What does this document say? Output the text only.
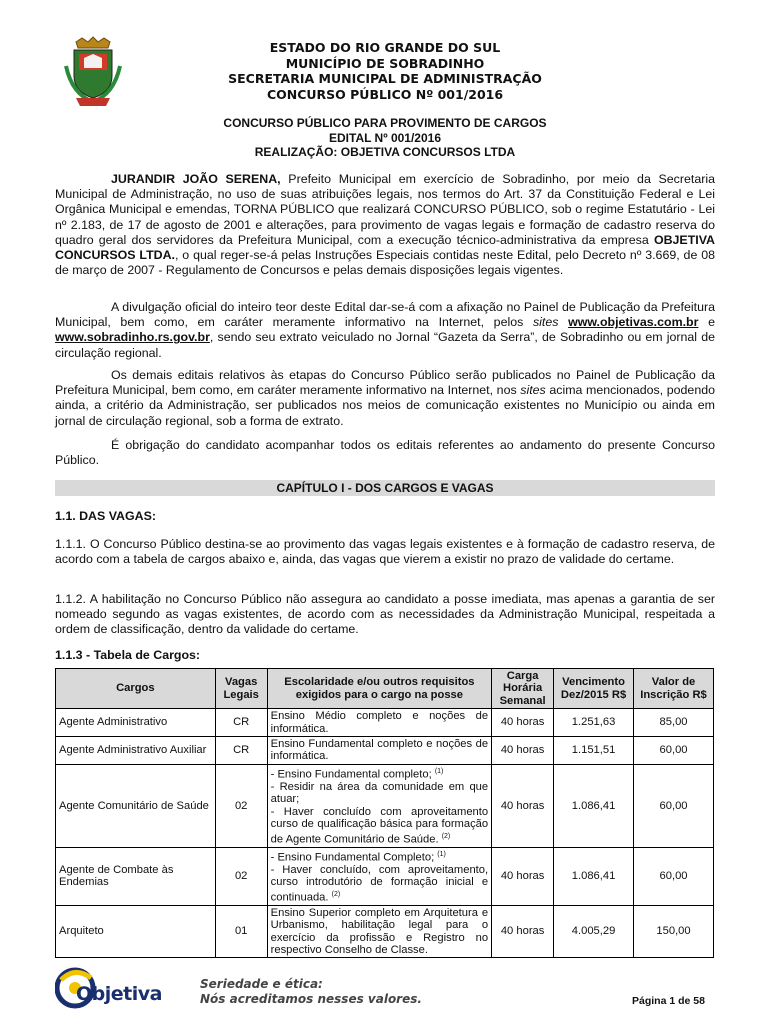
ESTADO DO RIO GRANDE DO SUL
MUNICÍPIO DE SOBRADINHO
SECRETARIA MUNICIPAL DE ADMINISTRAÇÃO
CONCURSO PÚBLICO Nº 001/2016
CONCURSO PÚBLICO PARA PROVIMENTO DE CARGOS
EDITAL Nº 001/2016
REALIZAÇÃO: OBJETIVA CONCURSOS LTDA

JURANDIR JOÃO SERENA, Prefeito Municipal em exercício de Sobradinho, por meio da Secretaria Municipal de Administração, no uso de suas atribuições legais, nos termos do Art. 37 da Constituição Federal e Lei Orgânica Municipal e emendas, TORNA PÚBLICO que realizará CONCURSO PÚBLICO, sob o regime Estatutário - Lei nº 2.183, de 17 de agosto de 2001 e alterações, para provimento de vagas legais e formação de cadastro reserva do quadro geral dos servidores da Prefeitura Municipal, com a execução técnico-administrativa da empresa OBJETIVA CONCURSOS LTDA., o qual reger-se-á pelas Instruções Especiais contidas neste Edital, pelo Decreto nº 3.669, de 08 de março de 2007 - Regulamento de Concursos e pelas demais disposições legais vigentes.

A divulgação oficial do inteiro teor deste Edital dar-se-á com a afixação no Painel de Publicação da Prefeitura Municipal, bem como, em caráter meramente informativo na Internet, pelos sites www.objetivas.com.br e www.sobradinho.rs.gov.br, sendo seu extrato veiculado no Jornal “Gazeta da Serra”, de Sobradinho ou em jornal de circulação regional.

Os demais editais relativos às etapas do Concurso Público serão publicados no Painel de Publicação da Prefeitura Municipal, bem como, em caráter meramente informativo na Internet, nos sites acima mencionados, podendo ainda, a critério da Administração, ser publicados nos meios de comunicação existentes no Município ou ainda em jornal de circulação regional, sob a forma de extrato.

É obrigação do candidato acompanhar todos os editais referentes ao andamento do presente Concurso Público.

CAPÍTULO I - DOS CARGOS E VAGAS
1.1. DAS VAGAS:

1.1.1. O Concurso Público destina-se ao provimento das vagas legais existentes e à formação de cadastro reserva, de acordo com a tabela de cargos abaixo e, ainda, das vagas que vierem a existir no prazo de validade do certame.

1.1.2. A habilitação no Concurso Público não assegura ao candidato a posse imediata, mas apenas a garantia de ser nomeado segundo as vagas existentes, de acordo com as necessidades da Administração Municipal, respeitada a ordem de classificação, dentro da validade do certame.

1.1.3 - Tabela de Cargos:
Cargos	Vagas Legais	Escolaridade e/ou outros requisitos exigidos para o cargo na posse	Carga Horária Semanal	Vencimento Dez/2015 R$	Valor de Inscrição R$
Agente Administrativo	CR	Ensino Médio completo e noções de informática.	40 horas	1.251,63	85,00
Agente Administrativo Auxiliar	CR	Ensino Fundamental completo e noções de informática.	40 horas	1.151,51	60,00
Agente Comunitário de Saúde	02	- Ensino Fundamental completo; $^{(1)}$
- Residir na área da comunidade em que atuar;
- Haver concluído com aproveitamento curso de qualificação básica para formação de Agente Comunitário de Saúde. $^{(2)}$	40 horas	1.086,41	60,00
Agente de Combate às Endemias	02	- Ensino Fundamental Completo; $^{(1)}$
- Haver concluído, com aproveitamento, curso introdutório de formação inicial e continuada. $^{(2)}$	40 horas	1.086,41	60,00
Arquiteto	01	Ensino Superior completo em Arquitetura e Urbanismo, habilitação legal para o exercício da profissão e Registro no respectivo Conselho de Classe.	40 horas	4.005,29	150,00
Objetiva	Seriedade e ética:
Nós acreditamos nesses valores.	Página 1 de 58
